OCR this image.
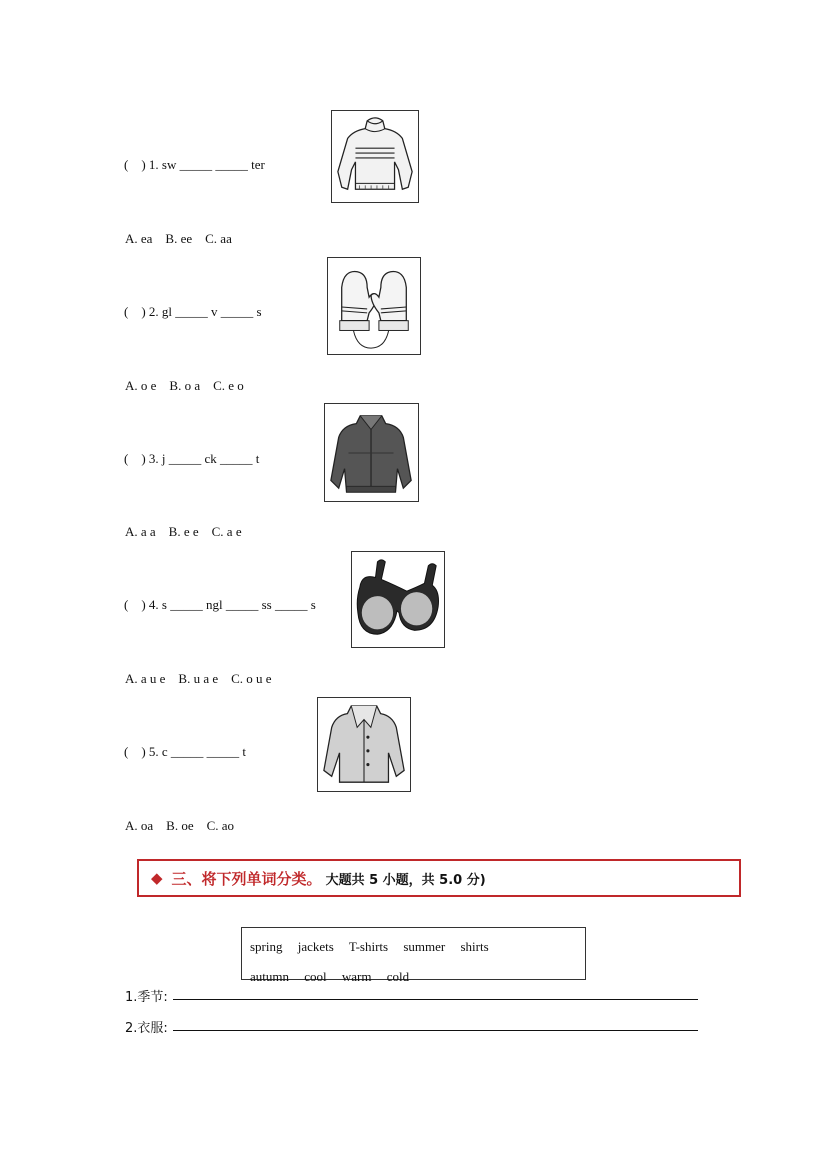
(    ) 1. sw _____ _____ ter
A. ea    B. ee    C. aa
(    ) 2. gl _____ v _____ s
A. o e    B. o a    C. e o
(    ) 3. j _____ ck _____ t
A. a a    B. e e    C. a e
(    ) 4. s _____ ngl _____ ss _____ s
A. a u e    B. u a e    C. o u e
(    ) 5. c _____ _____ t
A. oa    B. oe    C. ao
◆ 三、将下列单词分类。 大题共 5 小题，共 5.0 分)
spring jackets T-shirts summer shirts
autumn cool warm cold
1.季节:
2.衣服:
